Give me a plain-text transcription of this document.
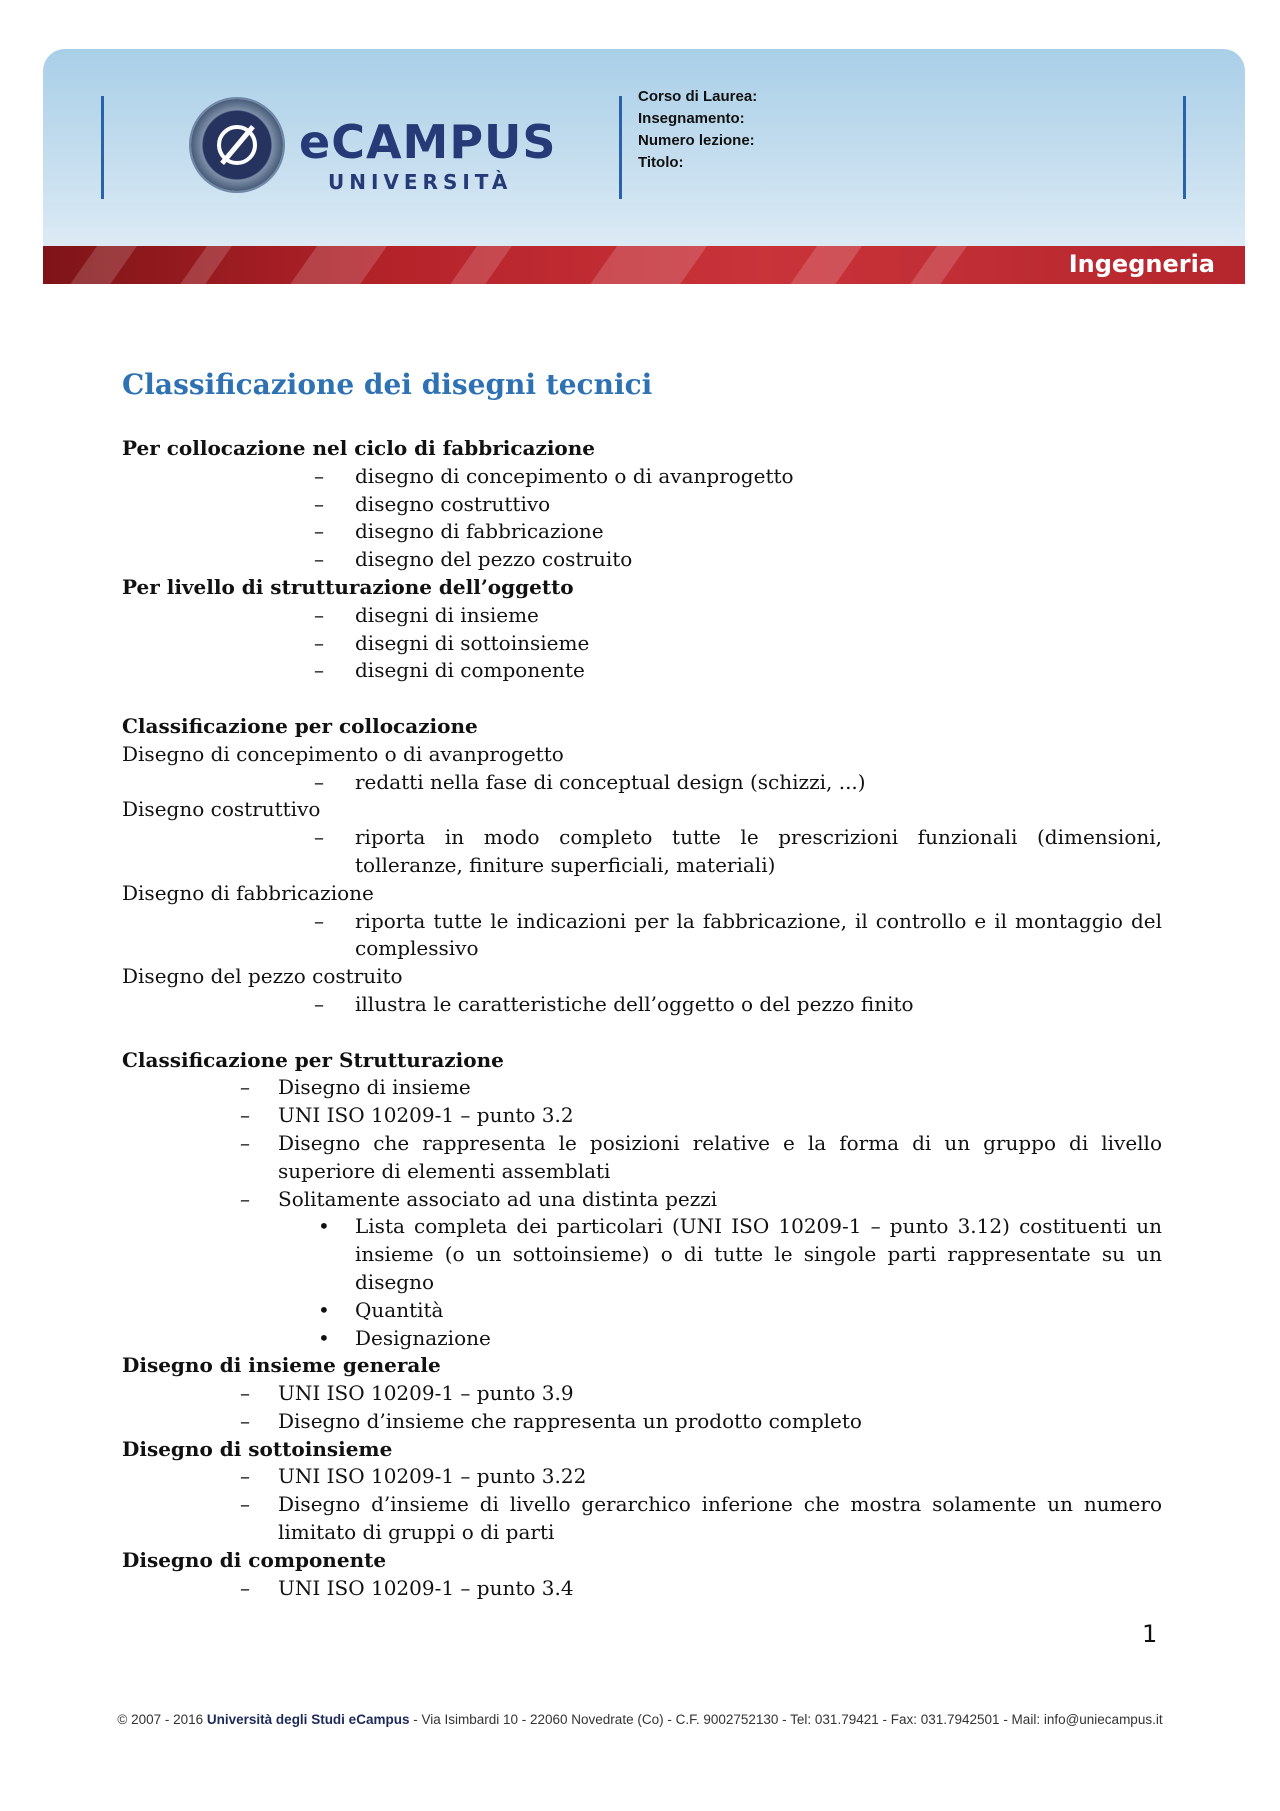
eCAMPUS
UNIVERSITÀ
Corso di Laurea:
Insegnamento:
Numero lezione:
Titolo:
Ingegneria
Classificazione dei disegni tecnici

Per collocazione nel ciclo di fabbricazione

– disegno di concepimento o di avanprogetto
– disegno costruttivo
– disegno di fabbricazione
– disegno del pezzo costruito

Per livello di strutturazione dell’oggetto

– disegni di insieme
– disegni di sottoinsieme
– disegni di componente

Classificazione per collocazione

Disegno di concepimento o di avanprogetto

– redatti nella fase di conceptual design (schizzi, ...)

Disegno costruttivo

– riporta in modo completo tutte le prescrizioni funzionali (dimensioni, tolleranze, finiture superficiali, materiali)

Disegno di fabbricazione

– riporta tutte le indicazioni per la fabbricazione, il controllo e il montaggio del complessivo

Disegno del pezzo costruito

– illustra le caratteristiche dell’oggetto o del pezzo finito

Classificazione per Strutturazione

– Disegno di insieme
– UNI ISO 10209-1 – punto 3.2
– Disegno che rappresenta le posizioni relative e la forma di un gruppo di livello superiore di elementi assemblati
– Solitamente associato ad una distinta pezzi
• Lista completa dei particolari (UNI ISO 10209-1 – punto 3.12) costituenti un insieme (o un sottoinsieme) o di tutte le singole parti rappresentate su un disegno
• Quantità
• Designazione

Disegno di insieme generale

– UNI ISO 10209-1 – punto 3.9
– Disegno d’insieme che rappresenta un prodotto completo

Disegno di sottoinsieme

– UNI ISO 10209-1 – punto 3.22
– Disegno d’insieme di livello gerarchico inferione che mostra solamente un numero limitato di gruppi o di parti

Disegno di componente

– UNI ISO 10209-1 – punto 3.4
1
© 2007 - 2016 Università degli Studi eCampus - Via Isimbardi 10 - 22060 Novedrate (Co) - C.F. 9002752130 - Tel: 031.79421 - Fax: 031.7942501 - Mail: info@uniecampus.it
